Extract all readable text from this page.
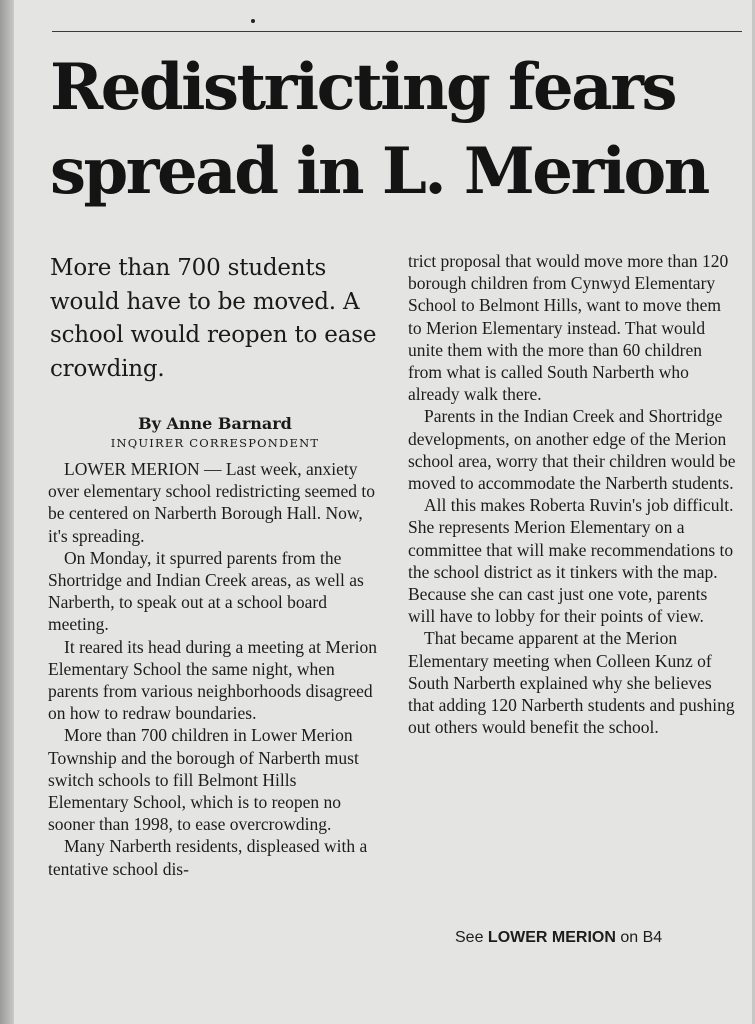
Redistricting fears
spread in L. Merion
More than 700 students would have to be moved. A school would reopen to ease crowding.
By Anne Barnard
INQUIRER CORRESPONDENT

LOWER MERION — Last week, anxiety over elementary school redistricting seemed to be centered on Narberth Borough Hall. Now, it's spreading.

On Monday, it spurred parents from the Shortridge and Indian Creek areas, as well as Narberth, to speak out at a school board meeting.

It reared its head during a meeting at Merion Elementary School the same night, when parents from various neighborhoods disagreed on how to redraw boundaries.

More than 700 children in Lower Merion Township and the borough of Narberth must switch schools to fill Belmont Hills Elementary School, which is to reopen no sooner than 1998, to ease overcrowding.

Many Narberth residents, displeased with a tentative school dis-

trict proposal that would move more than 120 borough children from Cynwyd Elementary School to Belmont Hills, want to move them to Merion Elementary instead. That would unite them with the more than 60 children from what is called South Narberth who already walk there.

Parents in the Indian Creek and Shortridge developments, on another edge of the Merion school area, worry that their children would be moved to accommodate the Narberth students.

All this makes Roberta Ruvin's job difficult. She represents Merion Elementary on a committee that will make recommendations to the school district as it tinkers with the map. Because she can cast just one vote, parents will have to lobby for their points of view.

That became apparent at the Merion Elementary meeting when Colleen Kunz of South Narberth explained why she believes that adding 120 Narberth students and pushing out others would benefit the school.

See LOWER MERION on B4
